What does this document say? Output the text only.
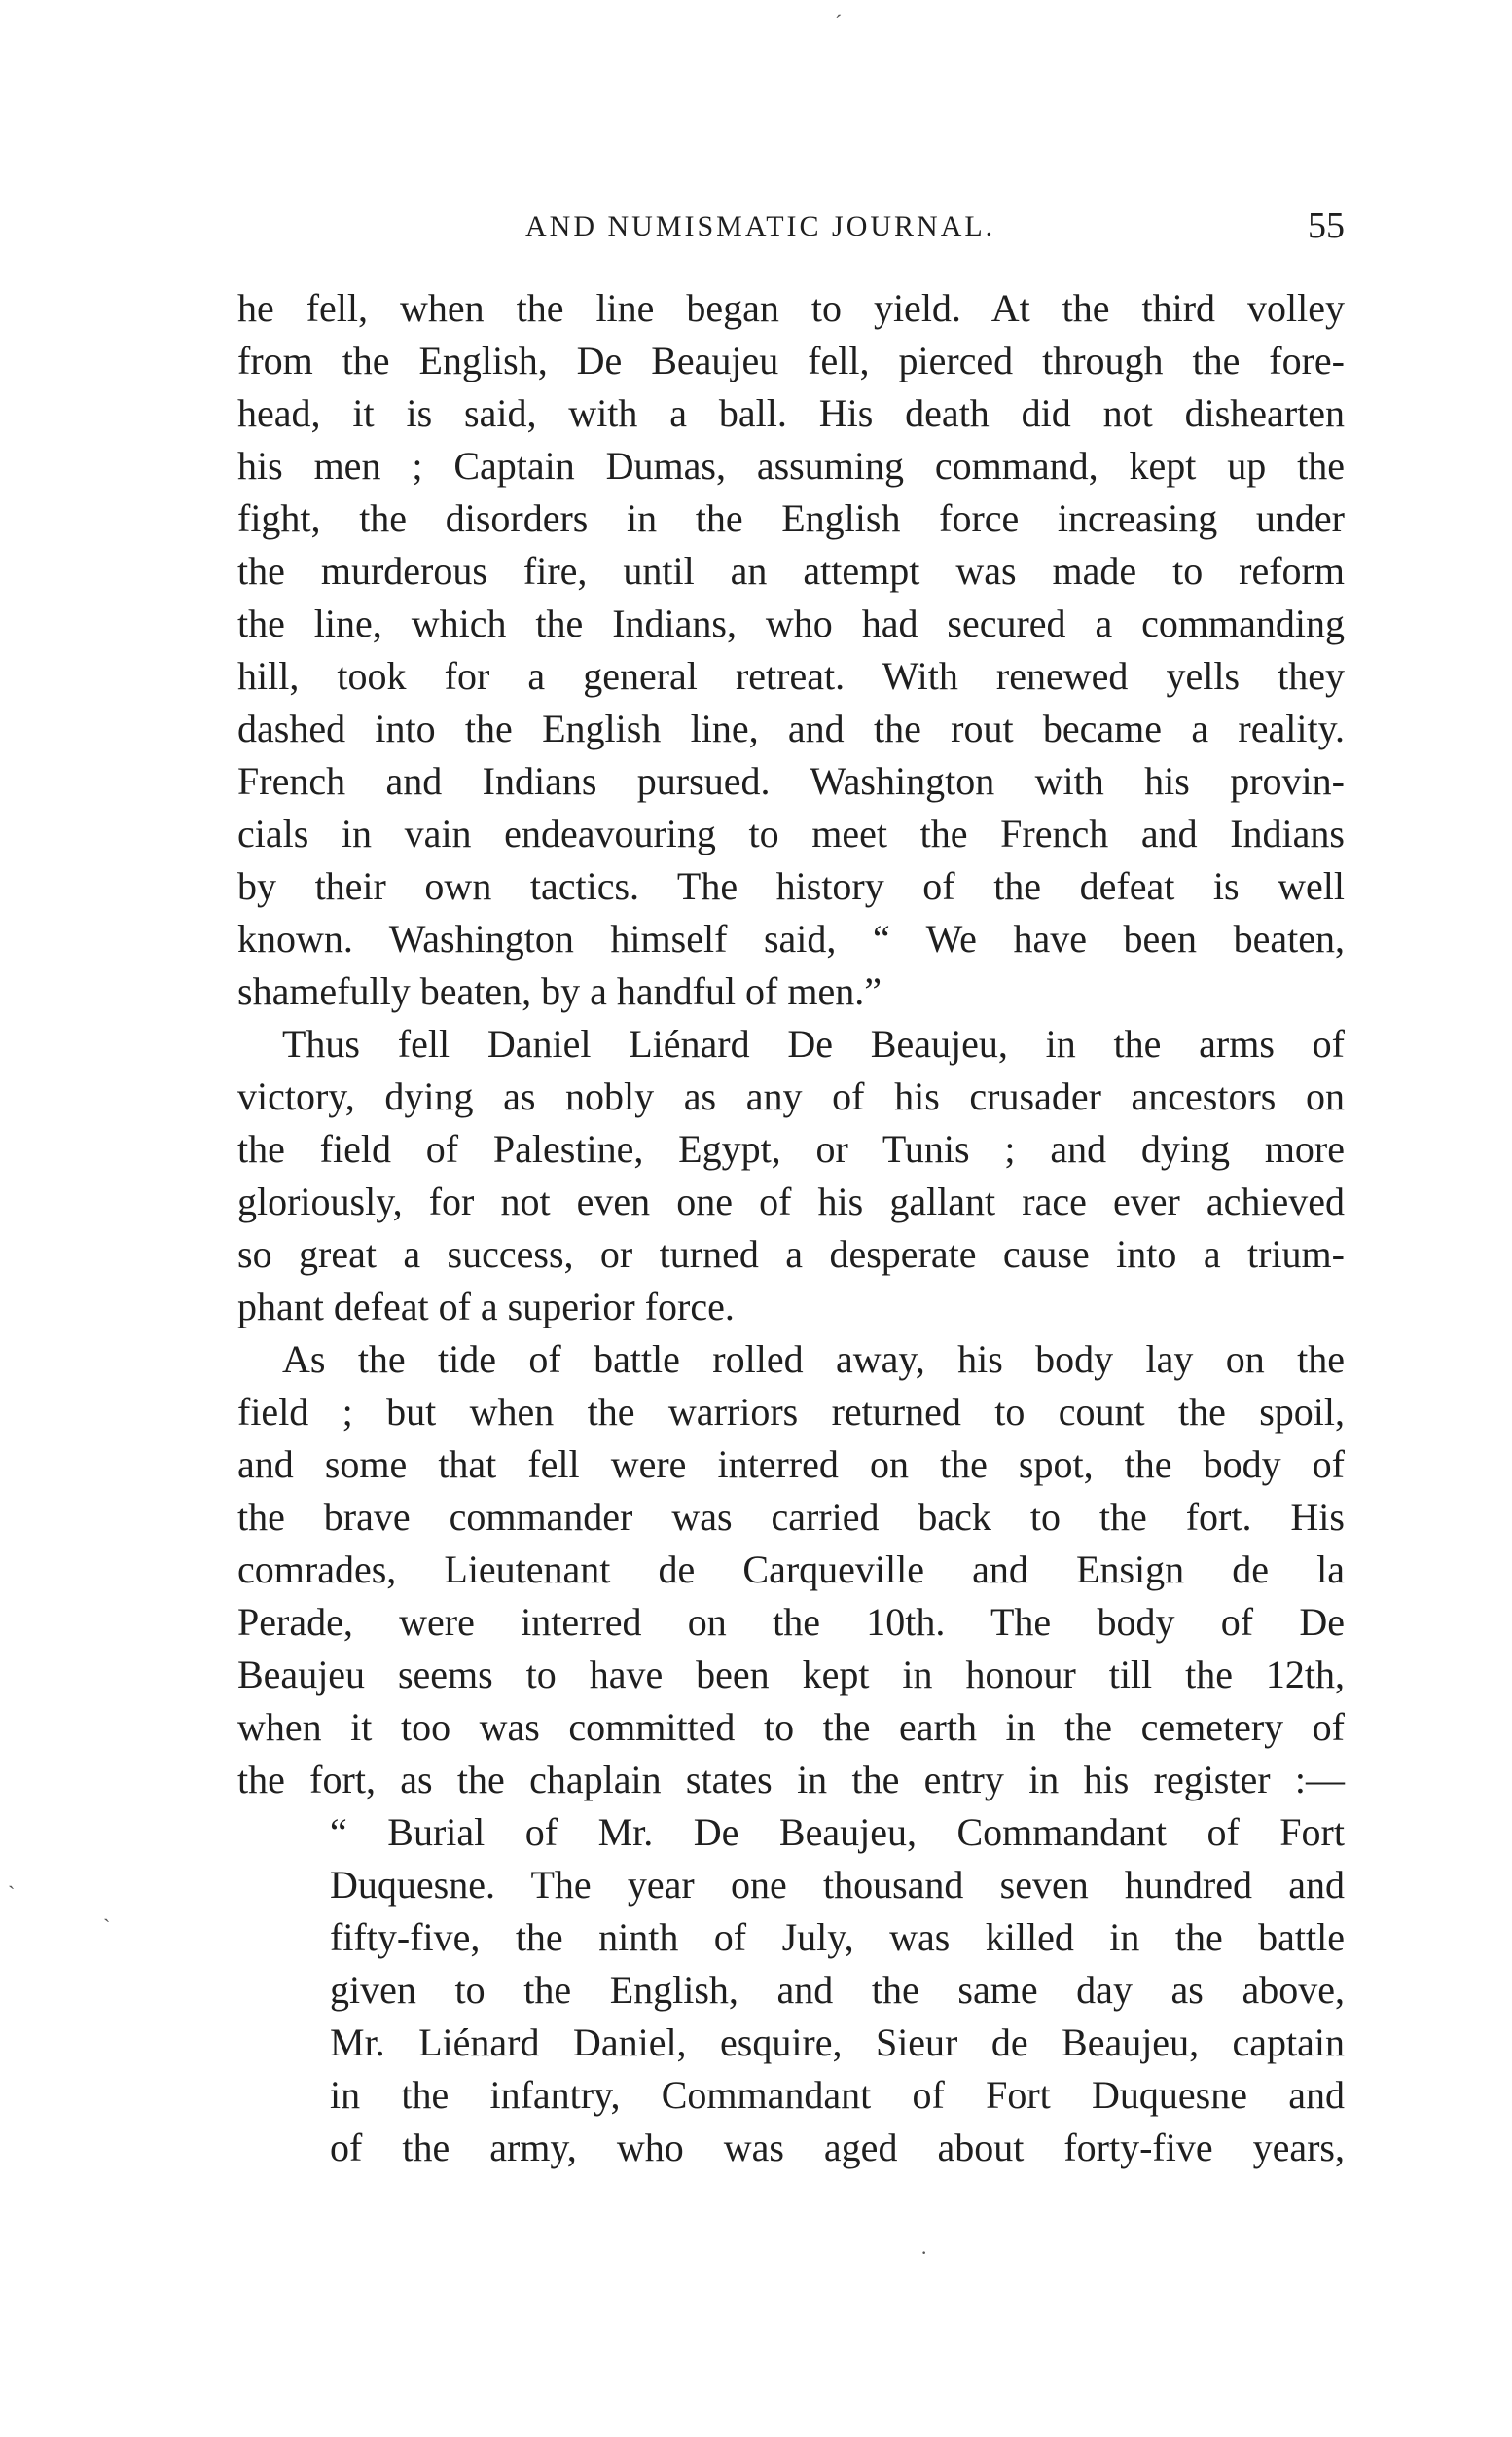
ˊ
AND NUMISMATIC JOURNAL.	55
he fell, when the line began to yield. At the third volley
from the English, De Beaujeu fell, pierced through the fore-
head, it is said, with a ball. His death did not dishearten
his men ; Captain Dumas, assuming command, kept up the
fight, the disorders in the English force increasing under
the murderous fire, until an attempt was made to reform
the line, which the Indians, who had secured a commanding
hill, took for a general retreat. With renewed yells they
dashed into the English line, and the rout became a reality.
French and Indians pursued. Washington with his provin-
cials in vain endeavouring to meet the French and Indians
by their own tactics. The history of the defeat is well
known. Washington himself said, “ We have been beaten,
shamefully beaten, by a handful of men.”
Thus fell Daniel Liénard De Beaujeu, in the arms of
victory, dying as nobly as any of his crusader ancestors on
the field of Palestine, Egypt, or Tunis ; and dying more
gloriously, for not even one of his gallant race ever achieved
so great a success, or turned a desperate cause into a trium-
phant defeat of a superior force.
As the tide of battle rolled away, his body lay on the
field ; but when the warriors returned to count the spoil,
and some that fell were interred on the spot, the body of
the brave commander was carried back to the fort. His
comrades, Lieutenant de Carqueville and Ensign de la
Perade, were interred on the 10th. The body of De
Beaujeu seems to have been kept in honour till the 12th,
when it too was committed to the earth in the cemetery of
the fort, as the chaplain states in the entry in his register :—
“ Burial of Mr. De Beaujeu, Commandant of Fort
Duquesne. The year one thousand seven hundred and
fifty-five, the ninth of July, was killed in the battle
given to the English, and the same day as above,
Mr. Liénard Daniel, esquire, Sieur de Beaujeu, captain
in the infantry, Commandant of Fort Duquesne and
of the army, who was aged about forty-five years,
ˏ
ˎ
·
